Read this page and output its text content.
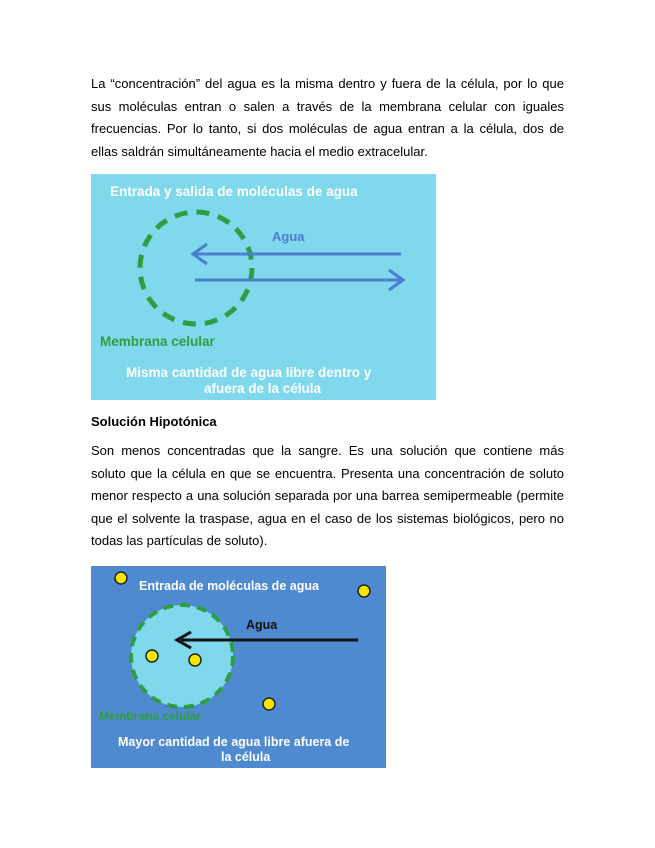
La “concentración” del agua es la misma dentro y fuera de la célula, por lo que sus moléculas entran o salen a través de la membrana celular con iguales frecuencias. Por lo tanto, si dos moléculas de agua entran a la célula, dos de ellas saldrán simultáneamente hacia el medio extracelular.

Entrada y salida de moléculas de agua
Agua
Membrana celular
Misma cantidad de agua libre dentro y
afuera de la célula

Solución Hipotónica

Son menos concentradas que la sangre. Es una solución que contiene más soluto que la célula en que se encuentra. Presenta una concentración de soluto menor respecto a una solución separada por una barrea semipermeable (permite que el solvente la traspase, agua en el caso de los sistemas biológicos, pero no todas las partículas de soluto).

Entrada de moléculas de agua
Agua
Membrana celular
Mayor cantidad de agua libre afuera de
la célula
